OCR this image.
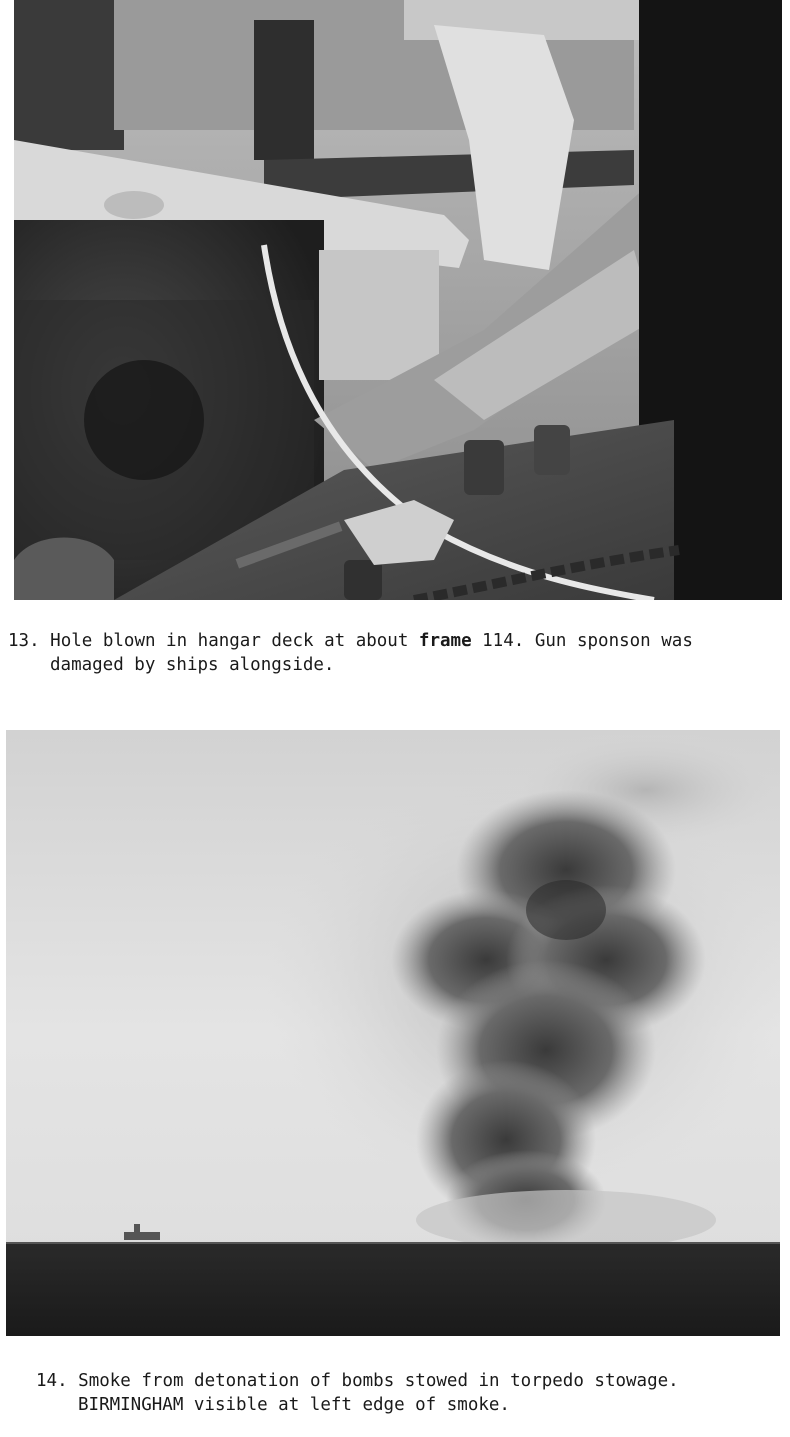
13. Hole blown in hangar deck at about frame 114. Gun sponson was
damaged by ships alongside.
14. Smoke from detonation of bombs stowed in torpedo stowage.
BIRMINGHAM visible at left edge of smoke.
